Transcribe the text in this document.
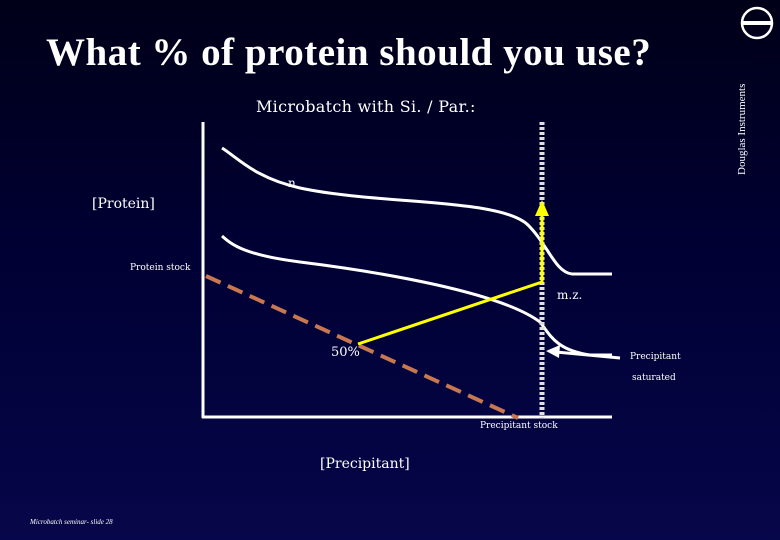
Douglas Instruments
What % of protein should you use?
Microbatch with Si. / Par.:
[Protein]
n
Protein stock
m.z.
50%	Precipitant
saturated
Precipitant stock
[Precipitant]
Microbatch seminar- slide 28
